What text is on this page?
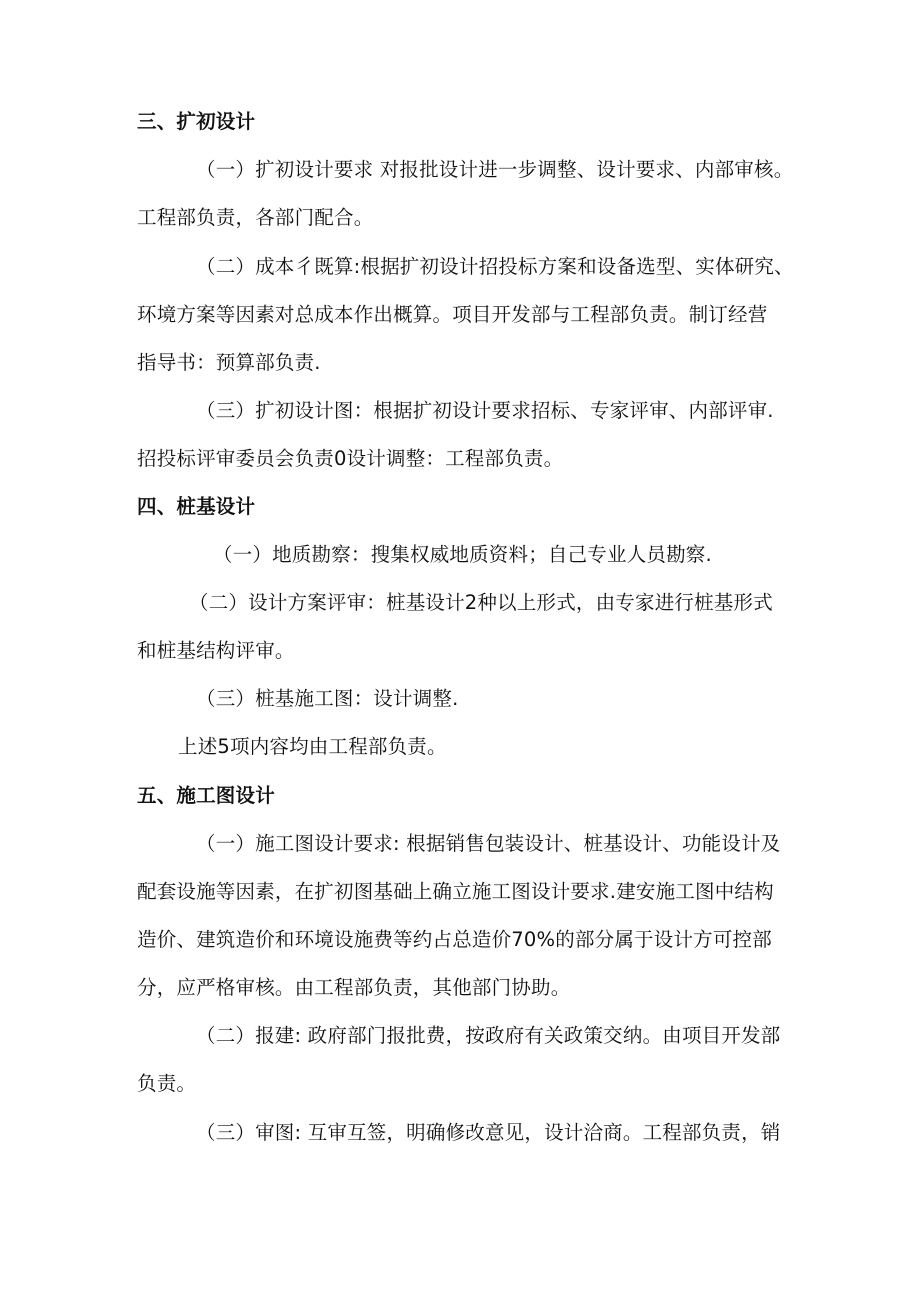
三、扩初设计
（一）扩初设计要求 对报批设计进一步调整、设计要求、内部审核。
工程部负责，各部门配合。
（二）成本彳既算:根据扩初设计招投标方案和设备选型、实体研究、
环境方案等因素对总成本作出概算。项目开发部与工程部负责。制订经营
指导书：预算部负责.
（三）扩初设计图：根据扩初设计要求招标、专家评审、内部评审.
招投标评审委员会负责0设计调整：工程部负责。
四、桩基设计
（一）地质勘察：搜集权威地质资料；自己专业人员勘察.
（二）设计方案评审：桩基设计2种以上形式，由专家进行桩基形式
和桩基结构评审。
（三）桩基施工图：设计调整.
上述5项内容均由工程部负责。
五、施工图设计
（一）施工图设计要求: 根据销售包装设计、桩基设计、功能设计及
配套设施等因素，在扩初图基础上确立施工图设计要求.建安施工图中结构
造价、建筑造价和环境设施费等约占总造价70%的部分属于设计方可控部
分，应严格审核。由工程部负责，其他部门协助。
（二）报建: 政府部门报批费，按政府有关政策交纳。由项目开发部
负责。
（三）审图: 互审互签，明确修改意见，设计洽商。工程部负责，销
